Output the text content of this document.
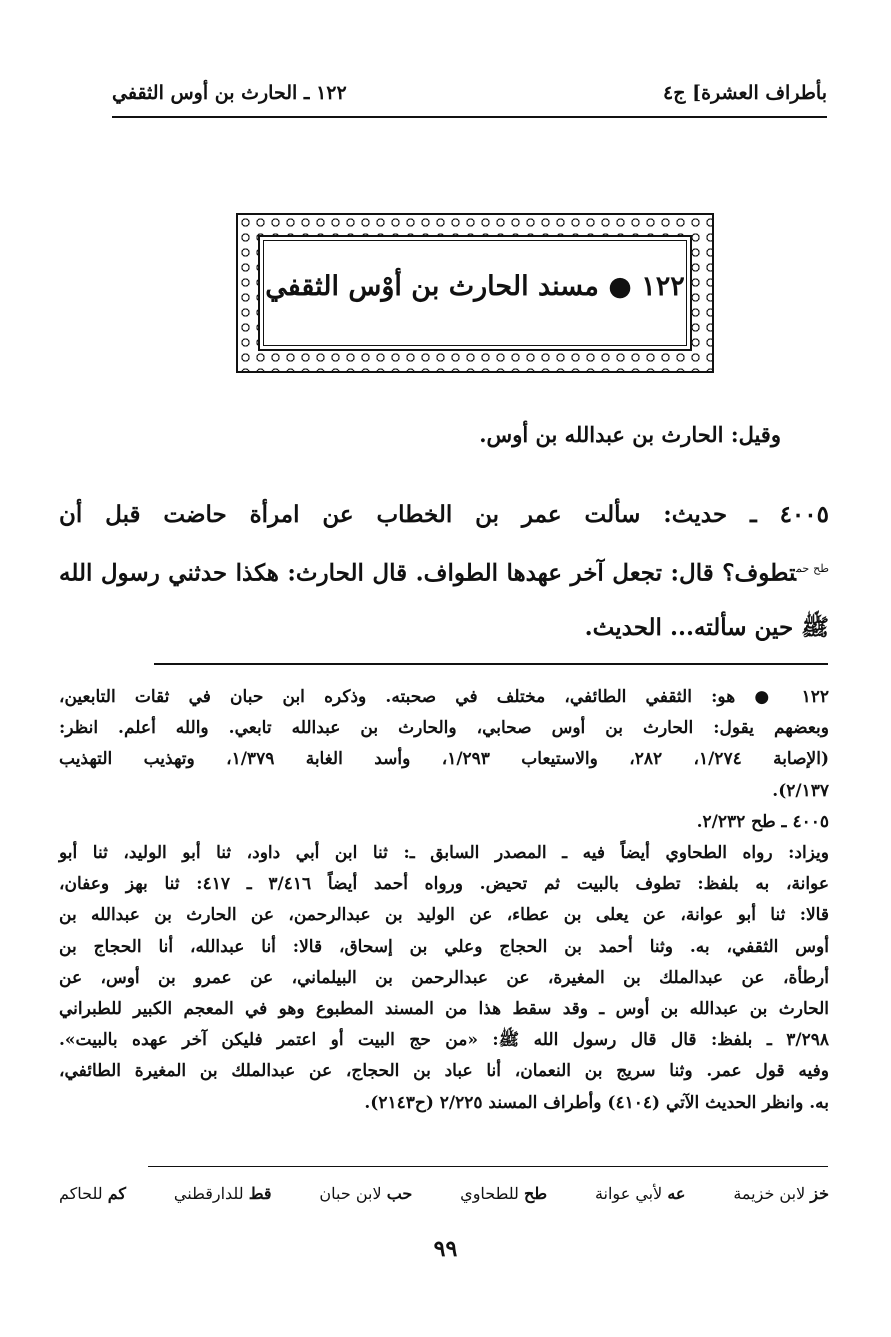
بأطراف العشرة] ج٤
١٢٢ ـ الحارث بن أوس الثقفي
١٢٢ ● مسند الحارث بن أوْس الثقفي
وقيل: الحارث بن عبدالله بن أوس.
٤٠٠٥ ـ حديث: سألت عمر بن الخطاب عن امرأة حاضت قبل أن
$^{طح حم}$تطوف؟ قال: تجعل آخر عهدها الطواف. قال الحارث: هكذا حدثني رسول الله
ﷺ حين سألته... الحديث.
١٢٢ ● هو: الثقفي الطائفي، مختلف في صحبته. وذكره ابن حبان في ثقات التابعين،
وبعضهم يقول: الحارث بن أوس صحابي، والحارث بن عبدالله تابعي. والله أعلم. انظر:
(الإصابة ١/٢٧٤، ٢٨٢، والاستيعاب ١/٢٩٣، وأسد الغابة ١/٣٧٩، وتهذيب التهذيب
٢/١٣٧).
٤٠٠٥ ـ طح ٢/٢٣٢.
ويزاد: رواه الطحاوي أيضاً فيه ـ المصدر السابق ـ: ثنا ابن أبي داود، ثنا أبو الوليد، ثنا أبو
عوانة، به بلفظ: تطوف بالبيت ثم تحيض. ورواه أحمد أيضاً ٣/٤١٦ ـ ٤١٧: ثنا بهز وعفان،
قالا: ثنا أبو عوانة، عن يعلى بن عطاء، عن الوليد بن عبدالرحمن، عن الحارث بن عبدالله بن
أوس الثقفي، به. وثنا أحمد بن الحجاج وعلي بن إسحاق، قالا: أنا عبدالله، أنا الحجاج بن
أرطأة، عن عبدالملك بن المغيرة، عن عبدالرحمن بن البيلماني، عن عمرو بن أوس، عن
الحارث بن عبدالله بن أوس ـ وقد سقط هذا من المسند المطبوع وهو في المعجم الكبير للطبراني
٣/٢٩٨ ـ بلفظ: قال قال رسول الله ﷺ: «من حج البيت أو اعتمر فليكن آخر عهده بالبيت».
وفيه قول عمر. وثنا سريج بن النعمان، أنا عباد بن الحجاج، عن عبدالملك بن المغيرة الطائفي،
به. وانظر الحديث الآتي (٤١٠٤) وأطراف المسند ٢/٢٢٥ (ح٢١٤٣).
خز لابن خزيمة
عه لأبي عوانة
طح للطحاوي
حب لابن حبان
قط للدارقطني
كم للحاكم
٩٩
